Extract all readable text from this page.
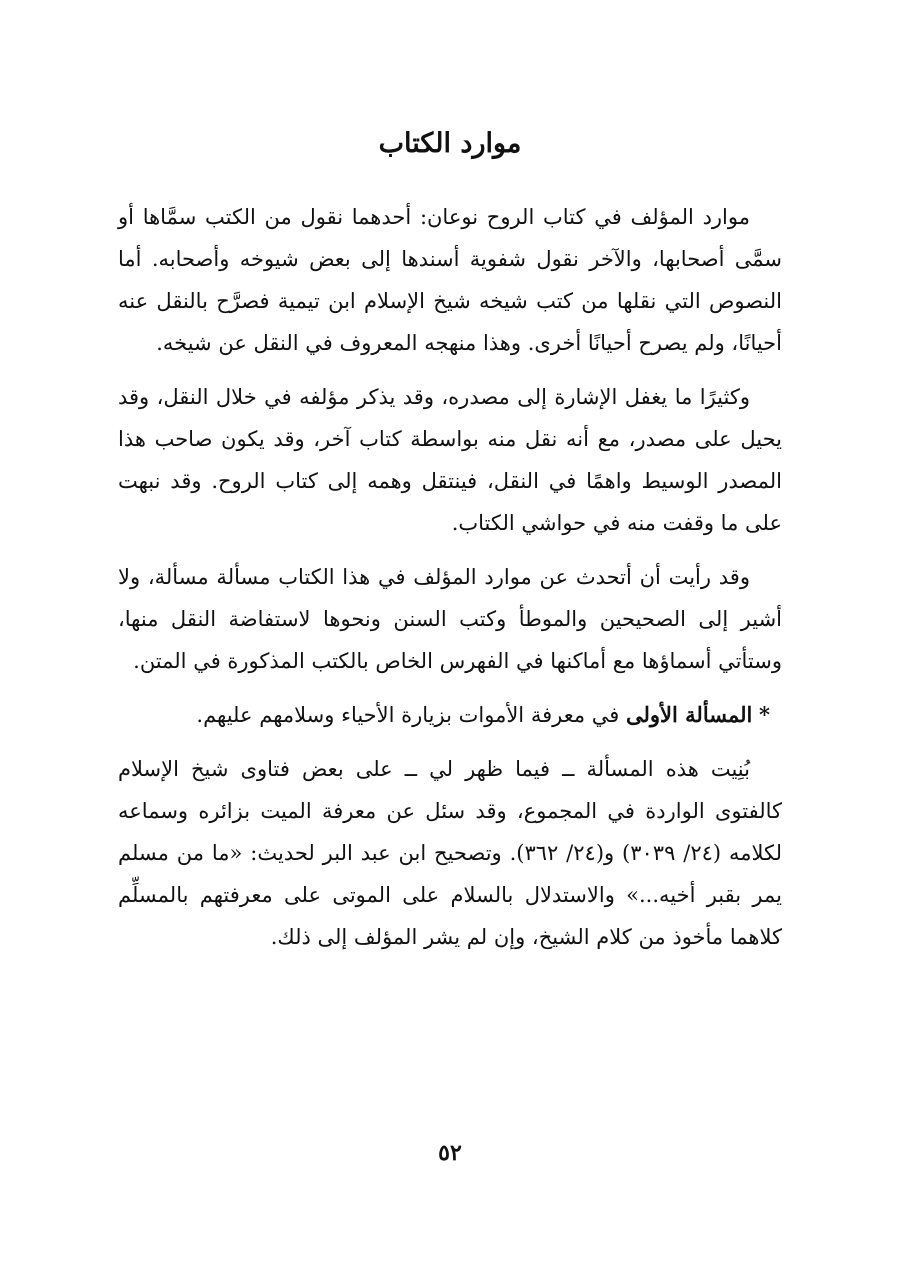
موارد الكتاب

موارد المؤلف في كتاب الروح نوعان: أحدهما نقول من الكتب سمَّاها أو سمَّى أصحابها، والآخر نقول شفوية أسندها إلى بعض شيوخه وأصحابه. أما النصوص التي نقلها من كتب شيخه شيخ الإسلام ابن تيمية فصرَّح بالنقل عنه أحيانًا، ولم يصرح أحيانًا أخرى. وهذا منهجه المعروف في النقل عن شيخه.

وكثيرًا ما يغفل الإشارة إلى مصدره، وقد يذكر مؤلفه في خلال النقل، وقد يحيل على مصدر، مع أنه نقل منه بواسطة كتاب آخر، وقد يكون صاحب هذا المصدر الوسيط واهمًا في النقل، فينتقل وهمه إلى كتاب الروح. وقد نبهت على ما وقفت منه في حواشي الكتاب.

وقد رأيت أن أتحدث عن موارد المؤلف في هذا الكتاب مسألة مسألة، ولا أشير إلى الصحيحين والموطأ وكتب السنن ونحوها لاستفاضة النقل منها، وستأتي أسماؤها مع أماكنها في الفهرس الخاص بالكتب المذكورة في المتن.

* المسألة الأولى في معرفة الأموات بزيارة الأحياء وسلامهم عليهم.

بُنِيت هذه المسألة ــ فيما ظهر لي ــ على بعض فتاوى شيخ الإسلام كالفتوى الواردة في المجموع، وقد سئل عن معرفة الميت بزائره وسماعه لكلامه (٢٤/ ٣٠٣٩) و(٢٤/ ٣٦٢). وتصحيح ابن عبد البر لحديث: «ما من مسلم يمر بقبر أخيه...» والاستدلال بالسلام على الموتى على معرفتهم بالمسلِّم كلاهما مأخوذ من كلام الشيخ، وإن لم يشر المؤلف إلى ذلك.

٥٢
